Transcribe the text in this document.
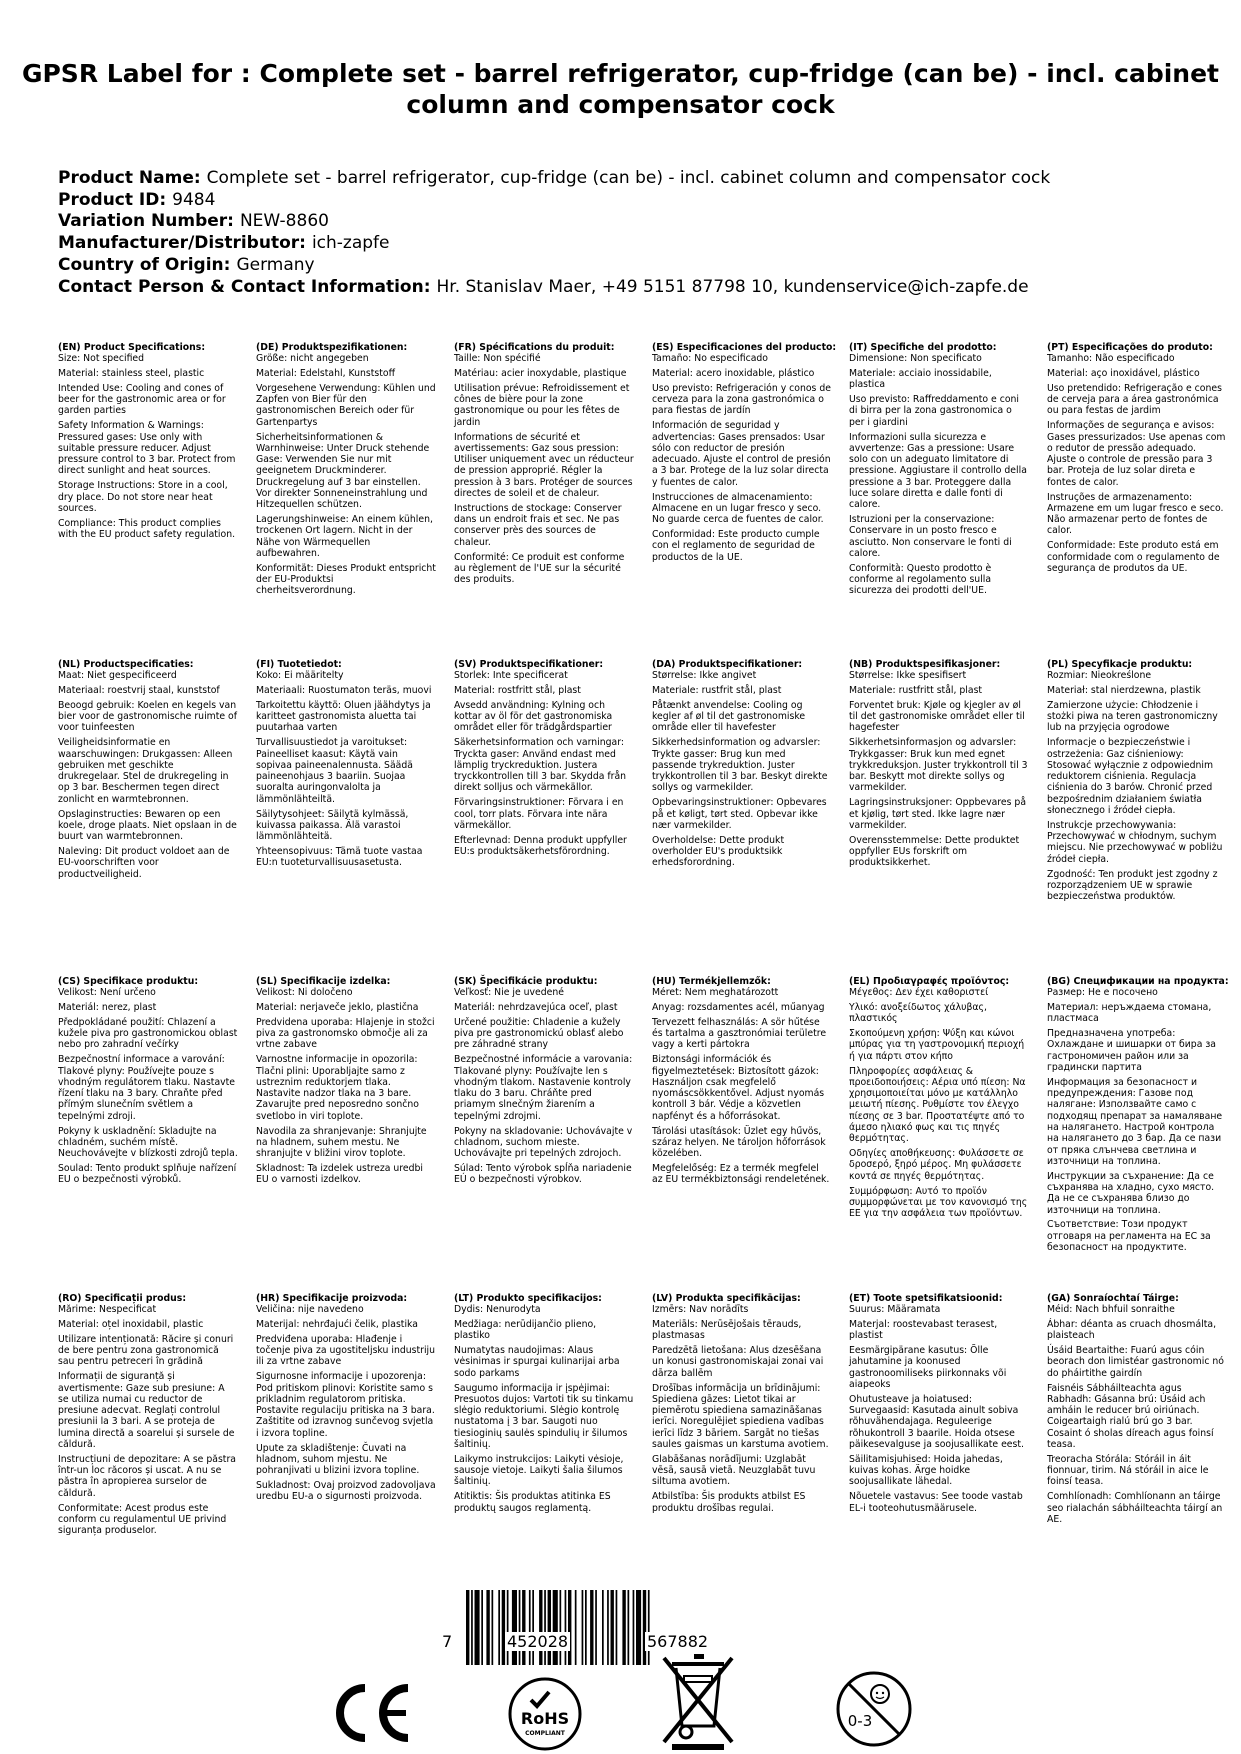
GPSR Label for : Complete set - barrel refrigerator, cup-fridge (can be) - incl. cabinet column and compensator cock
Product Name: Complete set - barrel refrigerator, cup-fridge (can be) - incl. cabinet column and compensator cock
Product ID: 9484
Variation Number: NEW-8860
Manufacturer/Distributor: ich-zapfe
Country of Origin: Germany
Contact Person & Contact Information: Hr. Stanislav Maer, +49 5151 87798 10, kundenservice@ich-zapfe.de
(EN) Product Specifications:

Size: Not specified

Material: stainless steel, plastic

Intended Use: Cooling and cones of beer for the gastronomic area or for garden parties

Safety Information & Warnings: Pressured gases: Use only with suitable pressure reducer. Adjust pressure control to 3 bar. Protect from direct sunlight and heat sources.

Storage Instructions: Store in a cool, dry place. Do not store near heat sources.

Compliance: This product complies with the EU product safety regulation.

(DE) Produktspezifikationen:

Größe: nicht angegeben

Material: Edelstahl, Kunststoff

Vorgesehene Verwendung: Kühlen und Zapfen von Bier für den gastronomischen Bereich oder für Gartenpartys

Sicherheitsinformationen & Warnhinweise: Unter Druck stehende Gase: Verwenden Sie nur mit geeignetem Druckminderer. Druckregelung auf 3 bar einstellen. Vor direkter Sonneneinstrahlung und Hitzequellen schützen.

Lagerungshinweise: An einem kühlen, trockenen Ort lagern. Nicht in der Nähe von Wärmequellen aufbewahren.

Konformität: Dieses Produkt entspricht der EU-Produktsi cherheitsverordnung.

(FR) Spécifications du produit:

Taille: Non spécifié

Matériau: acier inoxydable, plastique

Utilisation prévue: Refroidissement et cônes de bière pour la zone gastronomique ou pour les fêtes de jardin

Informations de sécurité et avertissements: Gaz sous pression: Utiliser uniquement avec un réducteur de pression approprié. Régler la pression à 3 bars. Protéger de sources directes de soleil et de chaleur.

Instructions de stockage: Conserver dans un endroit frais et sec. Ne pas conserver près des sources de chaleur.

Conformité: Ce produit est conforme au règlement de l'UE sur la sécurité des produits.

(ES) Especificaciones del producto:

Tamaño: No especificado

Material: acero inoxidable, plástico

Uso previsto: Refrigeración y conos de cerveza para la zona gastronómica o para fiestas de jardín

Información de seguridad y advertencias: Gases prensados: Usar sólo con reductor de presión adecuado. Ajuste el control de presión a 3 bar. Protege de la luz solar directa y fuentes de calor.

Instrucciones de almacenamiento: Almacene en un lugar fresco y seco. No guarde cerca de fuentes de calor.

Conformidad: Este producto cumple con el reglamento de seguridad de productos de la UE.

(IT) Specifiche del prodotto:

Dimensione: Non specificato

Materiale: acciaio inossidabile, plastica

Uso previsto: Raffreddamento e coni di birra per la zona gastronomica o per i giardini

Informazioni sulla sicurezza e avvertenze: Gas a pressione: Usare solo con un adeguato limitatore di pressione. Aggiustare il controllo della pressione a 3 bar. Proteggere dalla luce solare diretta e dalle fonti di calore.

Istruzioni per la conservazione: Conservare in un posto fresco e asciutto. Non conservare le fonti di calore.

Conformità: Questo prodotto è conforme al regolamento sulla sicurezza dei prodotti dell'UE.

(PT) Especificações do produto:

Tamanho: Não especificado

Material: aço inoxidável, plástico

Uso pretendido: Refrigeração e cones de cerveja para a área gastronómica ou para festas de jardim

Informações de segurança e avisos: Gases pressurizados: Use apenas com o redutor de pressão adequado. Ajuste o controle de pressão para 3 bar. Proteja de luz solar direta e fontes de calor.

Instruções de armazenamento: Armazene em um lugar fresco e seco. Não armazenar perto de fontes de calor.

Conformidade: Este produto está em conformidade com o regulamento de segurança de produtos da UE.

(NL) Productspecificaties:

Maat: Niet gespecificeerd

Materiaal: roestvrij staal, kunststof

Beoogd gebruik: Koelen en kegels van bier voor de gastronomische ruimte of voor tuinfeesten

Veiligheidsinformatie en waarschuwingen: Drukgassen: Alleen gebruiken met geschikte drukregelaar. Stel de drukregeling in op 3 bar. Beschermen tegen direct zonlicht en warmtebronnen.

Opslaginstructies: Bewaren op een koele, droge plaats. Niet opslaan in de buurt van warmtebronnen.

Naleving: Dit product voldoet aan de EU-voorschriften voor productveiligheid.

(FI) Tuotetiedot:

Koko: Ei määritelty

Materiaali: Ruostumaton teräs, muovi

Tarkoitettu käyttö: Oluen jäähdytys ja karitteet gastronomista aluetta tai puutarhaa varten

Turvallisuustiedot ja varoitukset: Paineelliset kaasut: Käytä vain sopivaa paineenalennusta. Säädä paineenohjaus 3 baariin. Suojaa suoralta auringonvalolta ja lämmönlähteiltä.

Säilytysohjeet: Säilytä kylmässä, kuivassa paikassa. Älä varastoi lämmönlähteitä.

Yhteensopivuus: Tämä tuote vastaa EU:n tuoteturvallisuusasetusta.

(SV) Produktspecifikationer:

Storlek: Inte specificerat

Material: rostfritt stål, plast

Avsedd användning: Kylning och kottar av öl för det gastronomiska området eller för trädgårdspartier

Säkerhetsinformation och varningar: Tryckta gaser: Använd endast med lämplig tryckreduktion. Justera tryckkontrollen till 3 bar. Skydda från direkt solljus och värmekällor.

Förvaringsinstruktioner: Förvara i en cool, torr plats. Förvara inte nära värmekällor.

Efterlevnad: Denna produkt uppfyller EU:s produktsäkerhetsförordning.

(DA) Produktspecifikationer:

Størrelse: Ikke angivet

Materiale: rustfrit stål, plast

Påtænkt anvendelse: Cooling og kegler af øl til det gastronomiske område eller til havefester

Sikkerhedsinformation og advarsler: Trykte gasser: Brug kun med passende trykreduktion. Juster trykkontrollen til 3 bar. Beskyt direkte sollys og varmekilder.

Opbevaringsinstruktioner: Opbevares på et køligt, tørt sted. Opbevar ikke nær varmekilder.

Overholdelse: Dette produkt overholder EU's produktsikk erhedsforordning.

(NB) Produktspesifikasjoner:

Størrelse: Ikke spesifisert

Materiale: rustfritt stål, plast

Forventet bruk: Kjøle og kjegler av øl til det gastronomiske området eller til hagefester

Sikkerhetsinformasjon og advarsler: Trykkgasser: Bruk kun med egnet trykkreduksjon. Juster trykkontroll til 3 bar. Beskytt mot direkte sollys og varmekilder.

Lagringsinstruksjoner: Oppbevares på et kjølig, tørt sted. Ikke lagre nær varmekilder.

Overensstemmelse: Dette produktet oppfyller EUs forskrift om produktsikkerhet.

(PL) Specyfikacje produktu:

Rozmiar: Nieokreślone

Materiał: stal nierdzewna, plastik

Zamierzone użycie: Chłodzenie i stożki piwa na teren gastronomiczny lub na przyjęcia ogrodowe

Informacje o bezpieczeństwie i ostrzeżenia: Gaz ciśnieniowy: Stosować wyłącznie z odpowiednim reduktorem ciśnienia. Regulacja ciśnienia do 3 barów. Chronić przed bezpośrednim działaniem światła słonecznego i źródeł ciepła.

Instrukcje przechowywania: Przechowywać w chłodnym, suchym miejscu. Nie przechowywać w pobliżu źródeł ciepła.

Zgodność: Ten produkt jest zgodny z rozporządzeniem UE w sprawie bezpieczeństwa produktów.

(CS) Specifikace produktu:

Velikost: Není určeno

Materiál: nerez, plast

Předpokládané použití: Chlazení a kužele piva pro gastronomickou oblast nebo pro zahradní večírky

Bezpečnostní informace a varování: Tlakové plyny: Používejte pouze s vhodným regulátorem tlaku. Nastavte řízení tlaku na 3 bary. Chraňte před přímým slunečním světlem a tepelnými zdroji.

Pokyny k uskladnění: Skladujte na chladném, suchém místě. Neuchovávejte v blízkosti zdrojů tepla.

Soulad: Tento produkt splňuje nařízení EU o bezpečnosti výrobků.

(SL) Specifikacije izdelka:

Velikost: Ni določeno

Material: nerjaveče jeklo, plastična

Predvidena uporaba: Hlajenje in stožci piva za gastronomsko območje ali za vrtne zabave

Varnostne informacije in opozorila: Tlačni plini: Uporabljajte samo z ustreznim reduktorjem tlaka. Nastavite nadzor tlaka na 3 bare. Zavarujte pred neposredno sončno svetlobo in viri toplote.

Navodila za shranjevanje: Shranjujte na hladnem, suhem mestu. Ne shranjujte v bližini virov toplote.

Skladnost: Ta izdelek ustreza uredbi EU o varnosti izdelkov.

(SK) Špecifikácie produktu:

Veľkosť: Nie je uvedené

Materiál: nehrdzavejúca oceľ, plast

Určené použitie: Chladenie a kužely piva pre gastronomickú oblasť alebo pre záhradné strany

Bezpečnostné informácie a varovania: Tlakované plyny: Používajte len s vhodným tlakom. Nastavenie kontroly tlaku do 3 baru. Chráňte pred priamym slnečným žiarením a tepelnými zdrojmi.

Pokyny na skladovanie: Uchovávajte v chladnom, suchom mieste. Uchovávajte pri tepelných zdrojoch.

Súlad: Tento výrobok spĺňa nariadenie EÚ o bezpečnosti výrobkov.

(HU) Termékjellemzők:

Méret: Nem meghatározott

Anyag: rozsdamentes acél, műanyag

Tervezett felhasználás: A sör hűtése és tartalma a gasztronómiai területre vagy a kerti pártokra

Biztonsági információk és figyelmeztetések: Biztosított gázok: Használjon csak megfelelő nyomáscsökkentővel. Adjust nyomás kontroll 3 bár. Védje a közvetlen napfényt és a hőforrásokat.

Tárolási utasítások: Üzlet egy hűvös, száraz helyen. Ne tároljon hőforrások közelében.

Megfelelőség: Ez a termék megfelel az EU termékbiztonsági rendeletének.

(EL) Προδιαγραφές προϊόντος:

Μέγεθος: Δεν έχει καθοριστεί

Υλικό: ανοξείδωτος χάλυβας, πλαστικός

Σκοπούμενη χρήση: Ψύξη και κώνοι μπύρας για τη γαστρονομική περιοχή ή για πάρτι στον κήπο

Πληροφορίες ασφάλειας & προειδοποιήσεις: Αέρια υπό πίεση: Να χρησιμοποιείται μόνο με κατάλληλο μειωτή πίεσης. Ρυθμίστε τον έλεγχο πίεσης σε 3 bar. Προστατέψτε από το άμεσο ηλιακό φως και τις πηγές θερμότητας.

Οδηγίες αποθήκευσης: Φυλάσσετε σε δροσερό, ξηρό μέρος. Μη φυλάσσετε κοντά σε πηγές θερμότητας.

Συμμόρφωση: Αυτό το προϊόν συμμορφώνεται με τον κανονισμό της ΕΕ για την ασφάλεια των προϊόντων.

(BG) Спецификации на продукта:

Размер: Не е посочено

Материал: неръждаема стомана, пластмаса

Предназначена употреба: Охлаждане и шишарки от бира за гастрономичен район или за градински партита

Информация за безопасност и предупреждения: Газове под налягане: Използвайте само с подходящ препарат за намаляване на налягането. Настрой контрола на налягането до 3 бар. Да се пази от пряка слънчева светлина и източници на топлина.

Инструкции за съхранение: Да се съхранява на хладно, сухо място. Да не се съхранява близо до източници на топлина.

Съответствие: Този продукт отговаря на регламента на ЕС за безопасност на продуктите.

(RO) Specificații produs:

Mărime: Nespecificat

Material: oțel inoxidabil, plastic

Utilizare intenționată: Răcire și conuri de bere pentru zona gastronomică sau pentru petreceri în grădină

Informații de siguranță și avertismente: Gaze sub presiune: A se utiliza numai cu reductor de presiune adecvat. Reglați controlul presiunii la 3 bari. A se proteja de lumina directă a soarelui și sursele de căldură.

Instrucțiuni de depozitare: A se păstra într-un loc răcoros și uscat. A nu se păstra în apropierea surselor de căldură.

Conformitate: Acest produs este conform cu regulamentul UE privind siguranța produselor.

(HR) Specifikacije proizvoda:

Veličina: nije navedeno

Materijal: nehrđajući čelik, plastika

Predviđena uporaba: Hlađenje i točenje piva za ugostiteljsku industriju ili za vrtne zabave

Sigurnosne informacije i upozorenja: Pod pritiskom plinovi: Koristite samo s prikladnim regulatorom pritiska. Postavite regulaciju pritiska na 3 bara. Zaštitite od izravnog sunčevog svjetla i izvora topline.

Upute za skladištenje: Čuvati na hladnom, suhom mjestu. Ne pohranjivati u blizini izvora topline.

Sukladnost: Ovaj proizvod zadovoljava uredbu EU-a o sigurnosti proizvoda.

(LT) Produkto specifikacijos:

Dydis: Nenurodyta

Medžiaga: nerūdijančio plieno, plastiko

Numatytas naudojimas: Alaus vėsinimas ir spurgai kulinarijai arba sodo parkams

Saugumo informacija ir įspėjimai: Presuotos dujos: Vartoti tik su tinkamu slėgio reduktoriumi. Slėgio kontrolę nustatoma į 3 bar. Saugoti nuo tiesioginių saulės spindulių ir šilumos šaltinių.

Laikymo instrukcijos: Laikyti vėsioje, sausoje vietoje. Laikyti šalia šilumos šaltinių.

Atitiktis: Šis produktas atitinka ES produktų saugos reglamentą.

(LV) Produkta specifikācijas:

Izmērs: Nav norādīts

Materiāls: Nerūsējošais tērauds, plastmasas

Paredzētā lietošana: Alus dzesēšana un konusi gastronomiskajai zonai vai dārza ballēm

Drošības informācija un brīdinājumi: Spiediena gāzes: Lietot tikai ar piemērotu spiediena samazināšanas ierīci. Noregulējiet spiediena vadības ierīci līdz 3 bāriem. Sargāt no tiešas saules gaismas un karstuma avotiem.

Glabāšanas norādījumi: Uzglabāt vēsā, sausā vietā. Neuzglabāt tuvu siltuma avotiem.

Atbilstība: Šis produkts atbilst ES produktu drošības regulai.

(ET) Toote spetsifikatsioonid:

Suurus: Määramata

Materjal: roostevabast terasest, plastist

Eesmärgipärane kasutus: Õlle jahutamine ja koonused gastronoomiliseks piirkonnaks või aiapeoks

Ohutusteave ja hoiatused: Survegaasid: Kasutada ainult sobiva rõhuvähendajaga. Reguleerige rõhukontroll 3 baarile. Hoida otsese päikesevalguse ja soojusallikate eest.

Säilitamisjuhised: Hoida jahedas, kuivas kohas. Ärge hoidke soojusallikate lähedal.

Nõuetele vastavus: See toode vastab EL-i tooteohutusmäärusele.

(GA) Sonraíochtaí Táirge:

Méid: Nach bhfuil sonraithe

Ábhar: déanta as cruach dhosmálta, plaisteach

Úsáid Beartaithe: Fuarú agus cóin beorach don limistéar gastronomic nó do pháirtithe gairdín

Faisnéis Sábháilteachta agus Rabhadh: Gásanna brú: Úsáid ach amháin le reducer brú oiriúnach. Coigeartaigh rialú brú go 3 bar. Cosaint ó sholas díreach agus foinsí teasa.

Treoracha Stórála: Stóráil in áit fionnuar, tirim. Ná stóráil in aice le foinsí teasa.

Comhlíonadh: Comhlíonann an táirge seo rialachán sábháilteachta táirgí an AE.

7	452028	567882
RoHS
COMPLIANT
0-3
